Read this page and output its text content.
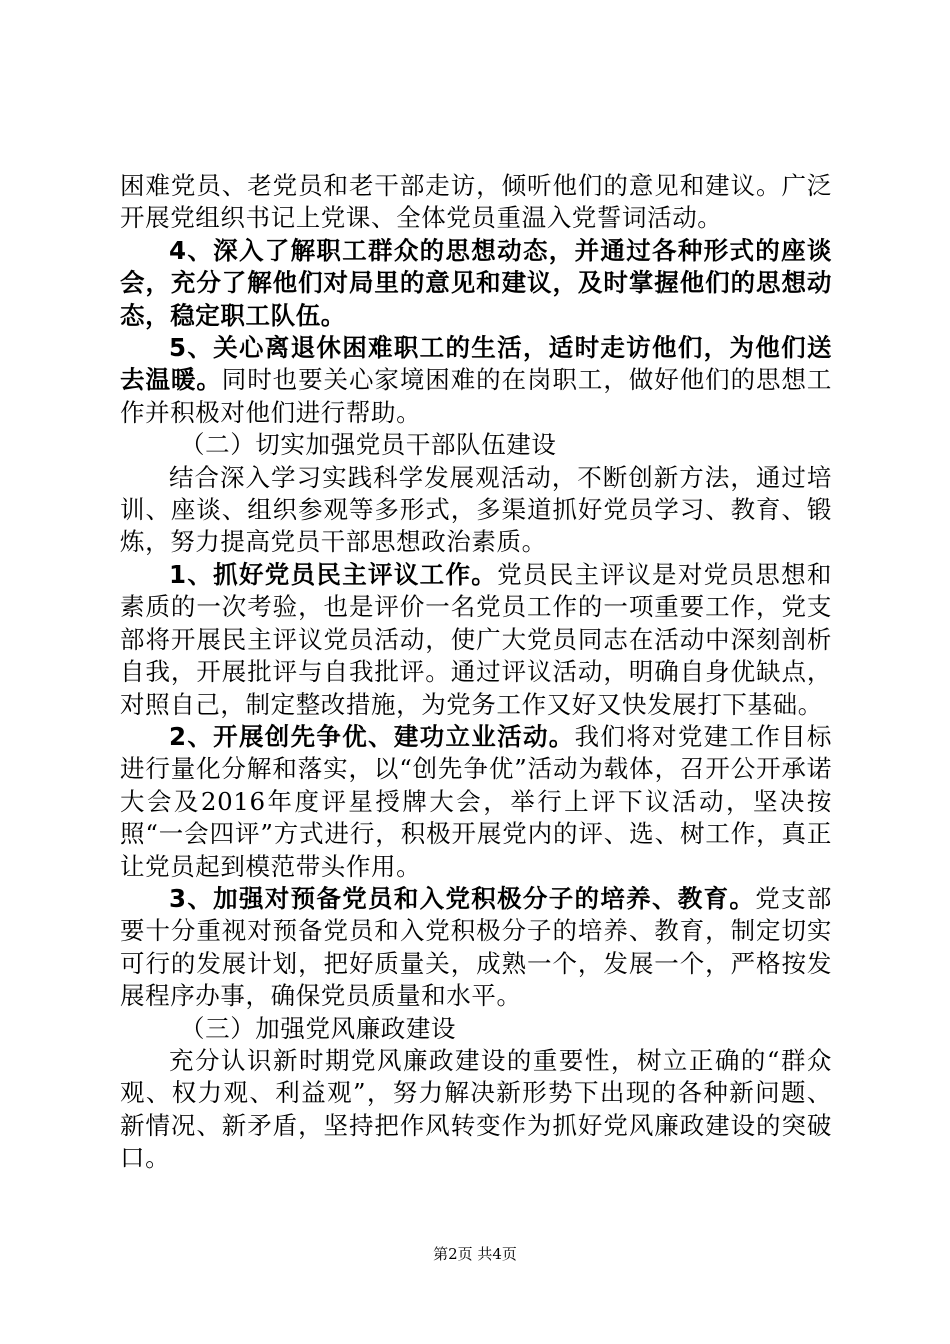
困难党员、老党员和老干部走访，倾听他们的意见和建议。广泛开展党组织书记上党课、全体党员重温入党誓词活动。

4、深入了解职工群众的思想动态，并通过各种形式的座谈会，充分了解他们对局里的意见和建议，及时掌握他们的思想动态，稳定职工队伍。

5、关心离退休困难职工的生活，适时走访他们，为他们送去温暖。同时也要关心家境困难的在岗职工，做好他们的思想工作并积极对他们进行帮助。

（二）切实加强党员干部队伍建设

结合深入学习实践科学发展观活动，不断创新方法，通过培训、座谈、组织参观等多形式，多渠道抓好党员学习、教育、锻炼，努力提高党员干部思想政治素质。

1、抓好党员民主评议工作。党员民主评议是对党员思想和素质的一次考验，也是评价一名党员工作的一项重要工作，党支部将开展民主评议党员活动，使广大党员同志在活动中深刻剖析自我，开展批评与自我批评。通过评议活动，明确自身优缺点，对照自己，制定整改措施，为党务工作又好又快发展打下基础。

2、开展创先争优、建功立业活动。我们将对党建工作目标进行量化分解和落实，以“创先争优”活动为载体，召开公开承诺大会及2016年度评星授牌大会，举行上评下议活动，坚决按照“一会四评”方式进行，积极开展党内的评、选、树工作，真正让党员起到模范带头作用。

3、加强对预备党员和入党积极分子的培养、教育。党支部要十分重视对预备党员和入党积极分子的培养、教育，制定切实可行的发展计划，把好质量关，成熟一个，发展一个，严格按发展程序办事，确保党员质量和水平。

（三）加强党风廉政建设

充分认识新时期党风廉政建设的重要性，树立正确的“群众观、权力观、利益观”，努力解决新形势下出现的各种新问题、新情况、新矛盾，坚持把作风转变作为抓好党风廉政建设的突破口。

第2页 共4页
